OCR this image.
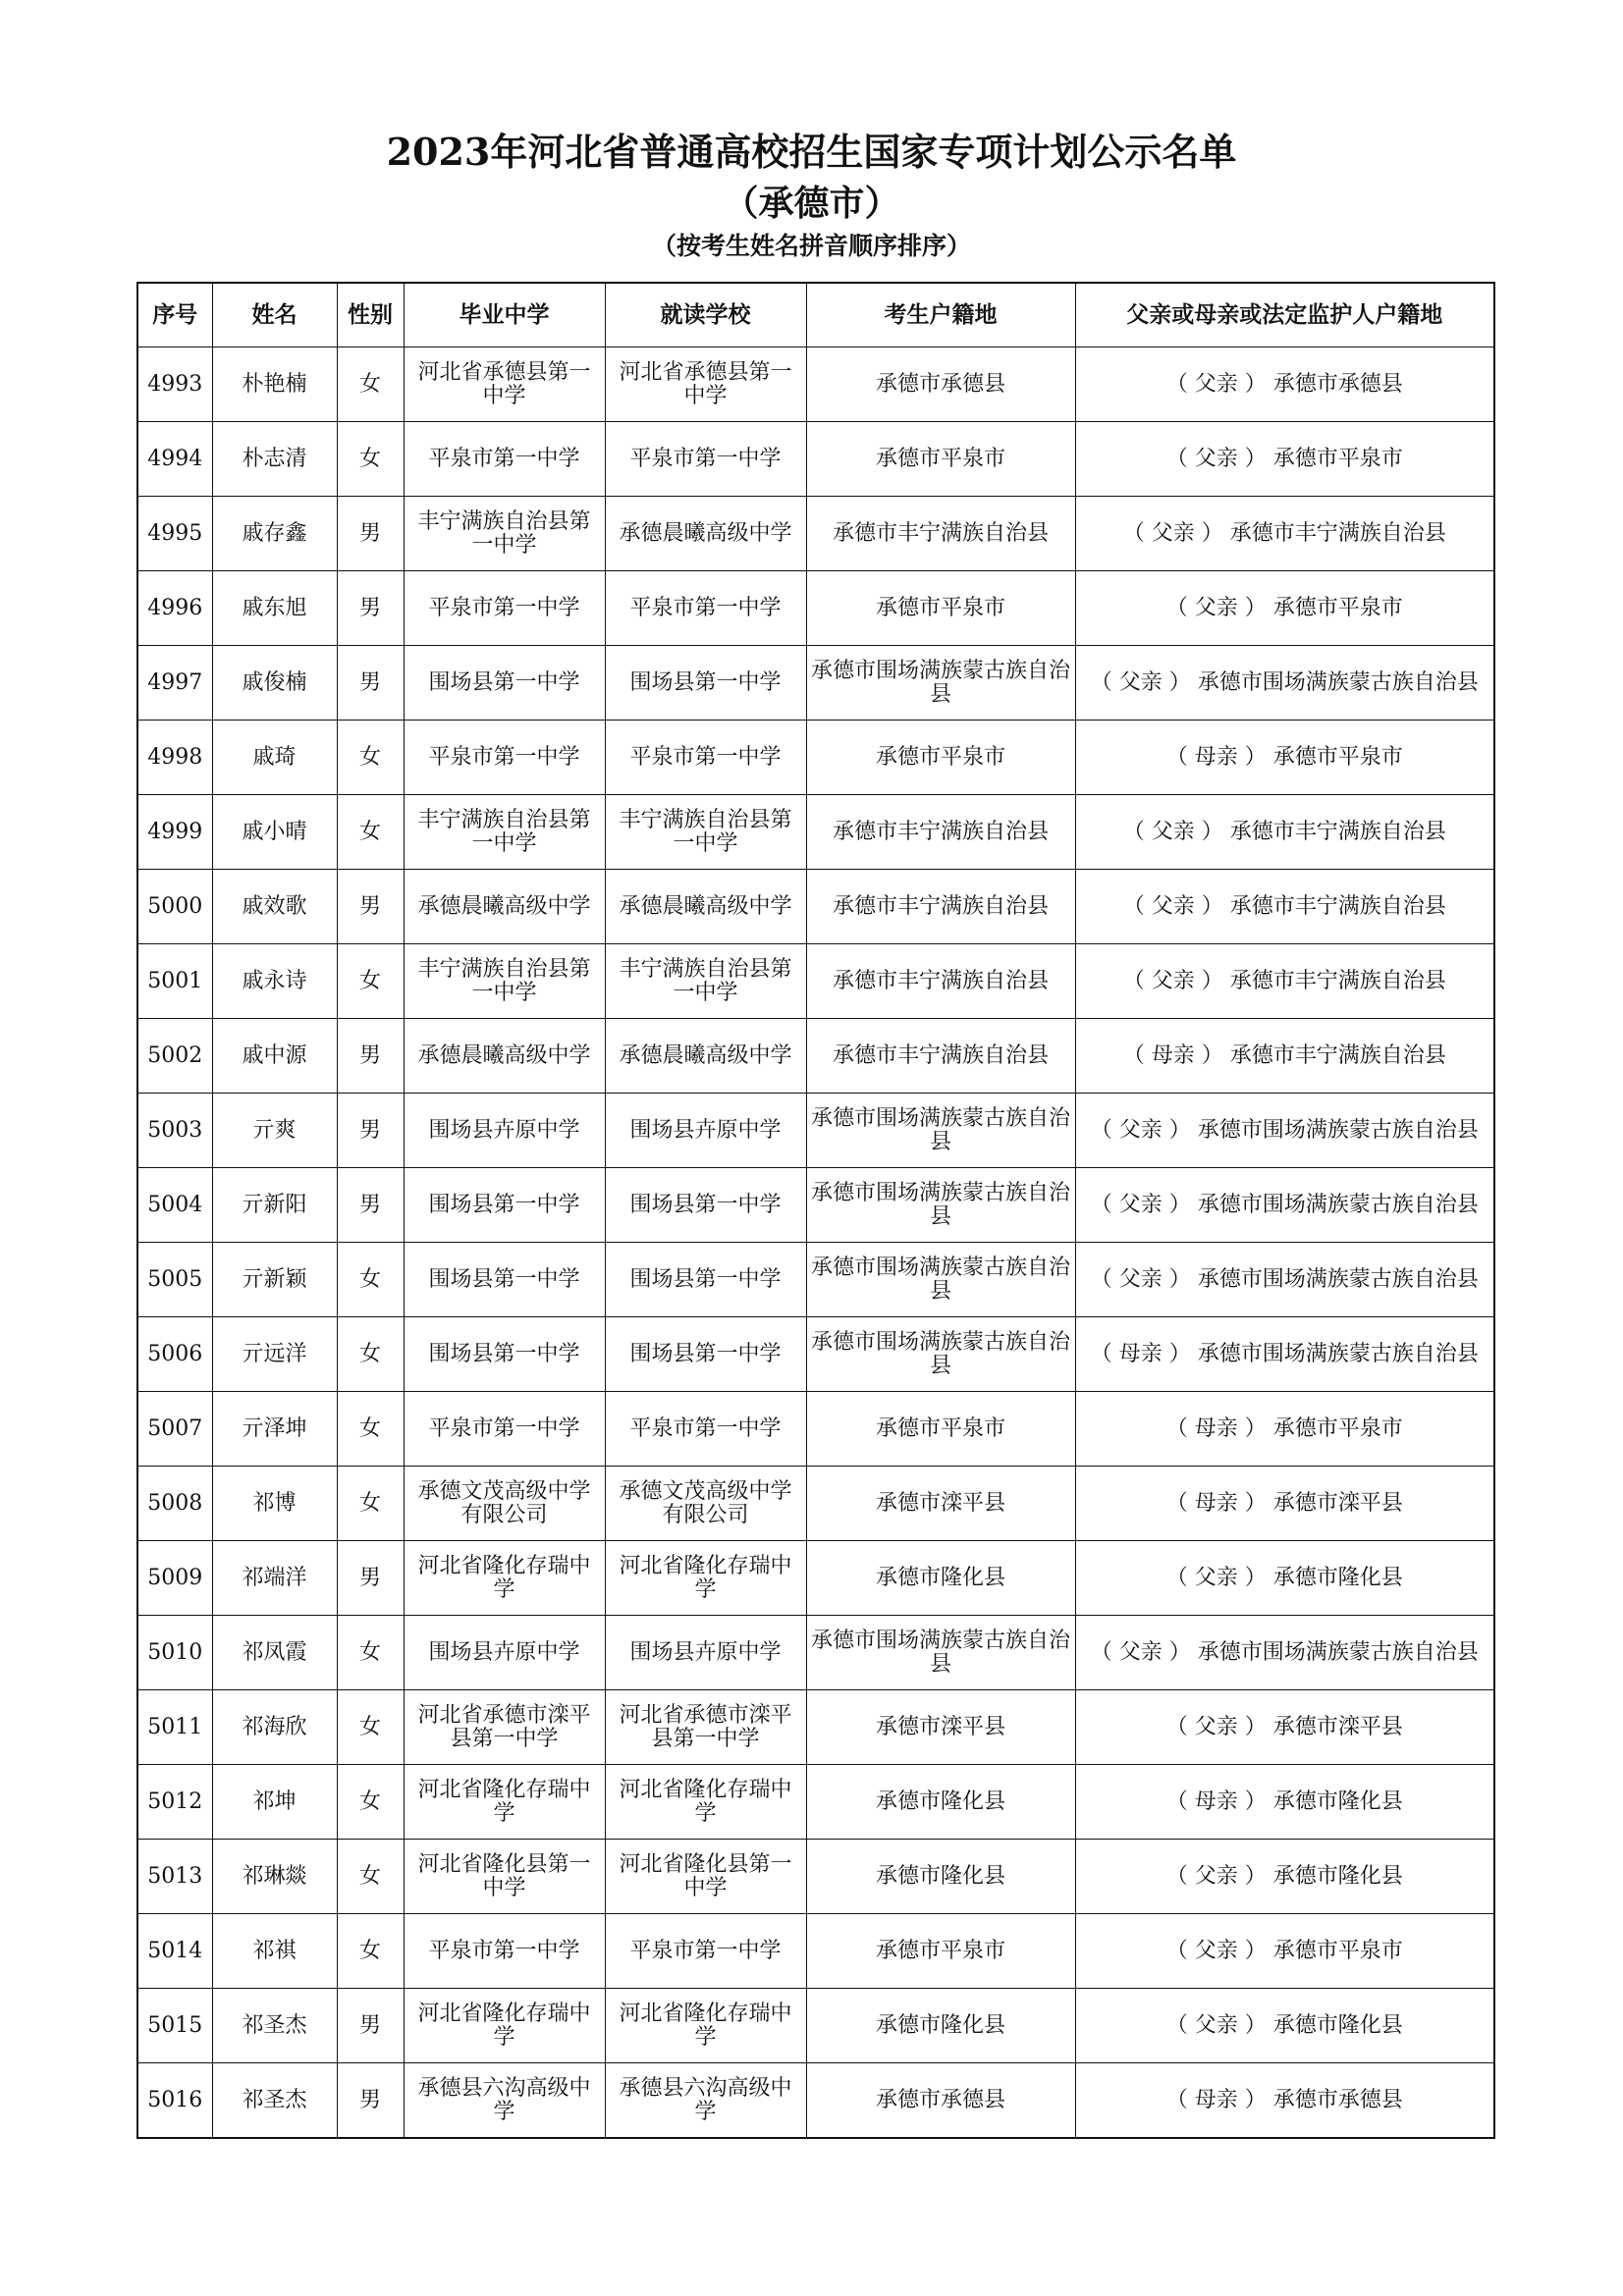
2023年河北省普通高校招生国家专项计划公示名单
（承德市）
（按考生姓名拼音顺序排序）
序号	姓名	性别	毕业中学	就读学校	考生户籍地	父亲或母亲或法定监护人户籍地
4993	朴艳楠	女	河北省承德县第一中学	河北省承德县第一中学	承德市承德县	（ 父亲 ） 承德市承德县
4994	朴志清	女	平泉市第一中学	平泉市第一中学	承德市平泉市	（ 父亲 ） 承德市平泉市
4995	戚存鑫	男	丰宁满族自治县第一中学	承德晨曦高级中学	承德市丰宁满族自治县	（ 父亲 ） 承德市丰宁满族自治县
4996	戚东旭	男	平泉市第一中学	平泉市第一中学	承德市平泉市	（ 父亲 ） 承德市平泉市
4997	戚俊楠	男	围场县第一中学	围场县第一中学	承德市围场满族蒙古族自治县	（ 父亲 ） 承德市围场满族蒙古族自治县
4998	戚琦	女	平泉市第一中学	平泉市第一中学	承德市平泉市	（ 母亲 ） 承德市平泉市
4999	戚小晴	女	丰宁满族自治县第一中学	丰宁满族自治县第一中学	承德市丰宁满族自治县	（ 父亲 ） 承德市丰宁满族自治县
5000	戚效歌	男	承德晨曦高级中学	承德晨曦高级中学	承德市丰宁满族自治县	（ 父亲 ） 承德市丰宁满族自治县
5001	戚永诗	女	丰宁满族自治县第一中学	丰宁满族自治县第一中学	承德市丰宁满族自治县	（ 父亲 ） 承德市丰宁满族自治县
5002	戚中源	男	承德晨曦高级中学	承德晨曦高级中学	承德市丰宁满族自治县	（ 母亲 ） 承德市丰宁满族自治县
5003	亓爽	男	围场县卉原中学	围场县卉原中学	承德市围场满族蒙古族自治县	（ 父亲 ） 承德市围场满族蒙古族自治县
5004	亓新阳	男	围场县第一中学	围场县第一中学	承德市围场满族蒙古族自治县	（ 父亲 ） 承德市围场满族蒙古族自治县
5005	亓新颖	女	围场县第一中学	围场县第一中学	承德市围场满族蒙古族自治县	（ 父亲 ） 承德市围场满族蒙古族自治县
5006	亓远洋	女	围场县第一中学	围场县第一中学	承德市围场满族蒙古族自治县	（ 母亲 ） 承德市围场满族蒙古族自治县
5007	亓泽坤	女	平泉市第一中学	平泉市第一中学	承德市平泉市	（ 母亲 ） 承德市平泉市
5008	祁博	女	承德文茂高级中学有限公司	承德文茂高级中学有限公司	承德市滦平县	（ 母亲 ） 承德市滦平县
5009	祁端洋	男	河北省隆化存瑞中学	河北省隆化存瑞中学	承德市隆化县	（ 父亲 ） 承德市隆化县
5010	祁凤霞	女	围场县卉原中学	围场县卉原中学	承德市围场满族蒙古族自治县	（ 父亲 ） 承德市围场满族蒙古族自治县
5011	祁海欣	女	河北省承德市滦平县第一中学	河北省承德市滦平县第一中学	承德市滦平县	（ 父亲 ） 承德市滦平县
5012	祁坤	女	河北省隆化存瑞中学	河北省隆化存瑞中学	承德市隆化县	（ 母亲 ） 承德市隆化县
5013	祁琳燚	女	河北省隆化县第一中学	河北省隆化县第一中学	承德市隆化县	（ 父亲 ） 承德市隆化县
5014	祁祺	女	平泉市第一中学	平泉市第一中学	承德市平泉市	（ 父亲 ） 承德市平泉市
5015	祁圣杰	男	河北省隆化存瑞中学	河北省隆化存瑞中学	承德市隆化县	（ 父亲 ） 承德市隆化县
5016	祁圣杰	男	承德县六沟高级中学	承德县六沟高级中学	承德市承德县	（ 母亲 ） 承德市承德县
